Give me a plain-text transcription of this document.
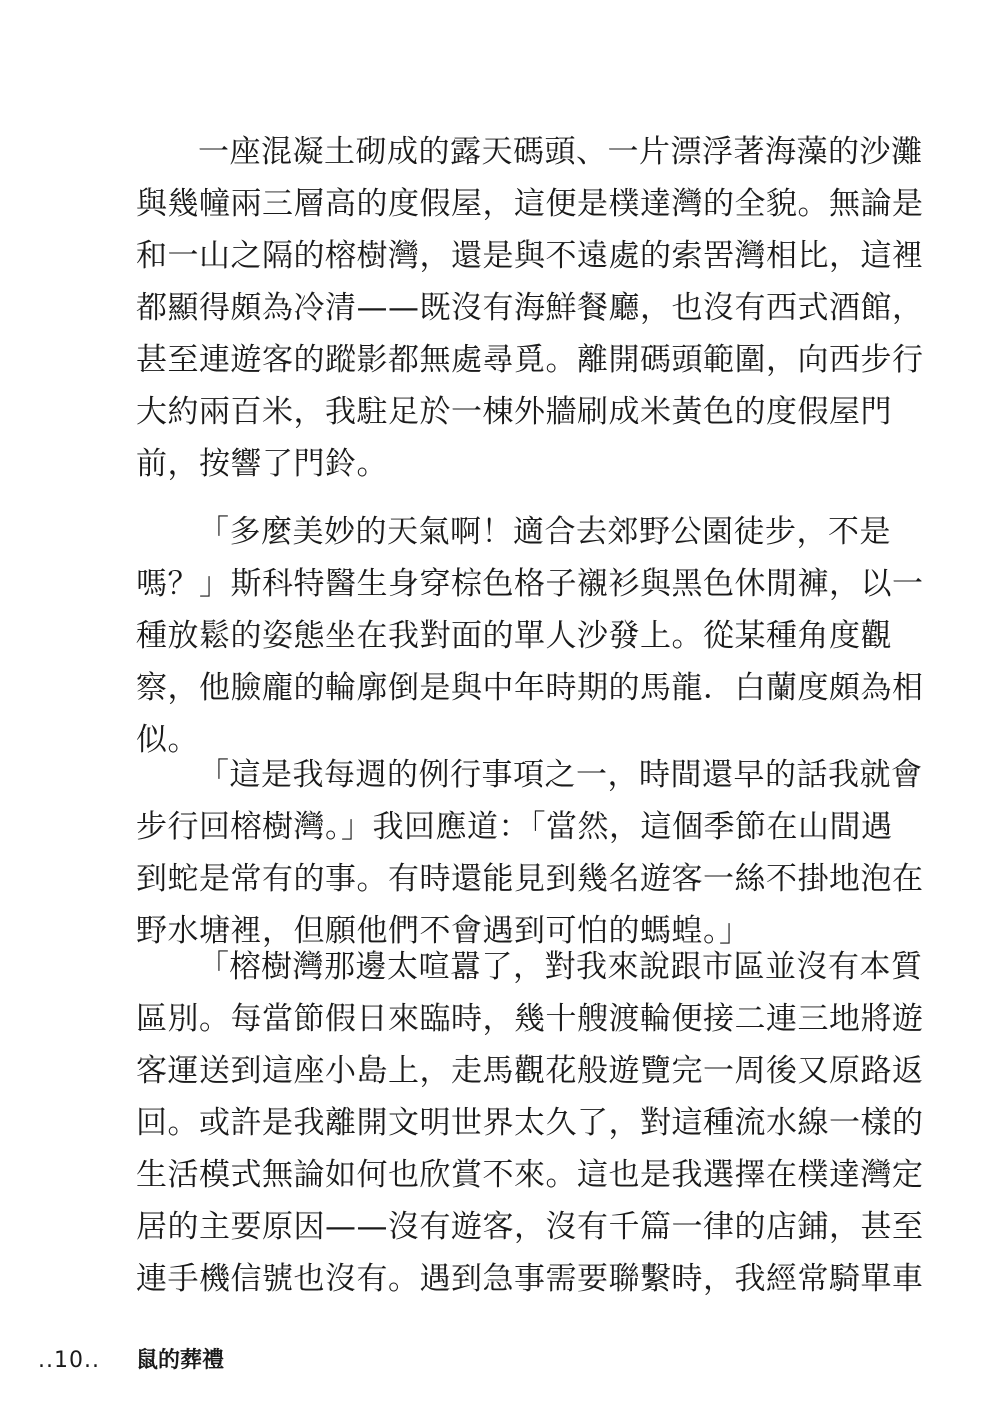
一座混凝土砌成的露天碼頭、一片漂浮著海藻的沙灘
與幾幢兩三層高的度假屋，這便是樸達灣的全貌。無論是
和一山之隔的榕樹灣，還是與不遠處的索罟灣相比，這裡
都顯得頗為冷清——既沒有海鮮餐廳，也沒有西式酒館，
甚至連遊客的蹤影都無處尋覓。離開碼頭範圍，向西步行
大約兩百米，我駐足於一棟外牆刷成米黃色的度假屋門
前，按響了門鈴。
「多麼美妙的天氣啊！適合去郊野公園徒步，不是
嗎？」斯科特醫生身穿棕色格子襯衫與黑色休閒褲，以一
種放鬆的姿態坐在我對面的單人沙發上。從某種角度觀
察，他臉龐的輪廓倒是與中年時期的馬龍．白蘭度頗為相
似。
「這是我每週的例行事項之一，時間還早的話我就會
步行回榕樹灣。」我回應道：「當然，這個季節在山間遇
到蛇是常有的事。有時還能見到幾名遊客一絲不掛地泡在
野水塘裡，但願他們不會遇到可怕的螞蝗。」
「榕樹灣那邊太喧囂了，對我來說跟市區並沒有本質
區別。每當節假日來臨時，幾十艘渡輪便接二連三地將遊
客運送到這座小島上，走馬觀花般遊覽完一周後又原路返
回。或許是我離開文明世界太久了，對這種流水線一樣的
生活模式無論如何也欣賞不來。這也是我選擇在樸達灣定
居的主要原因——沒有遊客，沒有千篇一律的店鋪，甚至
連手機信號也沒有。遇到急事需要聯繫時，我經常騎單車
..10.. 鼠的葬禮
